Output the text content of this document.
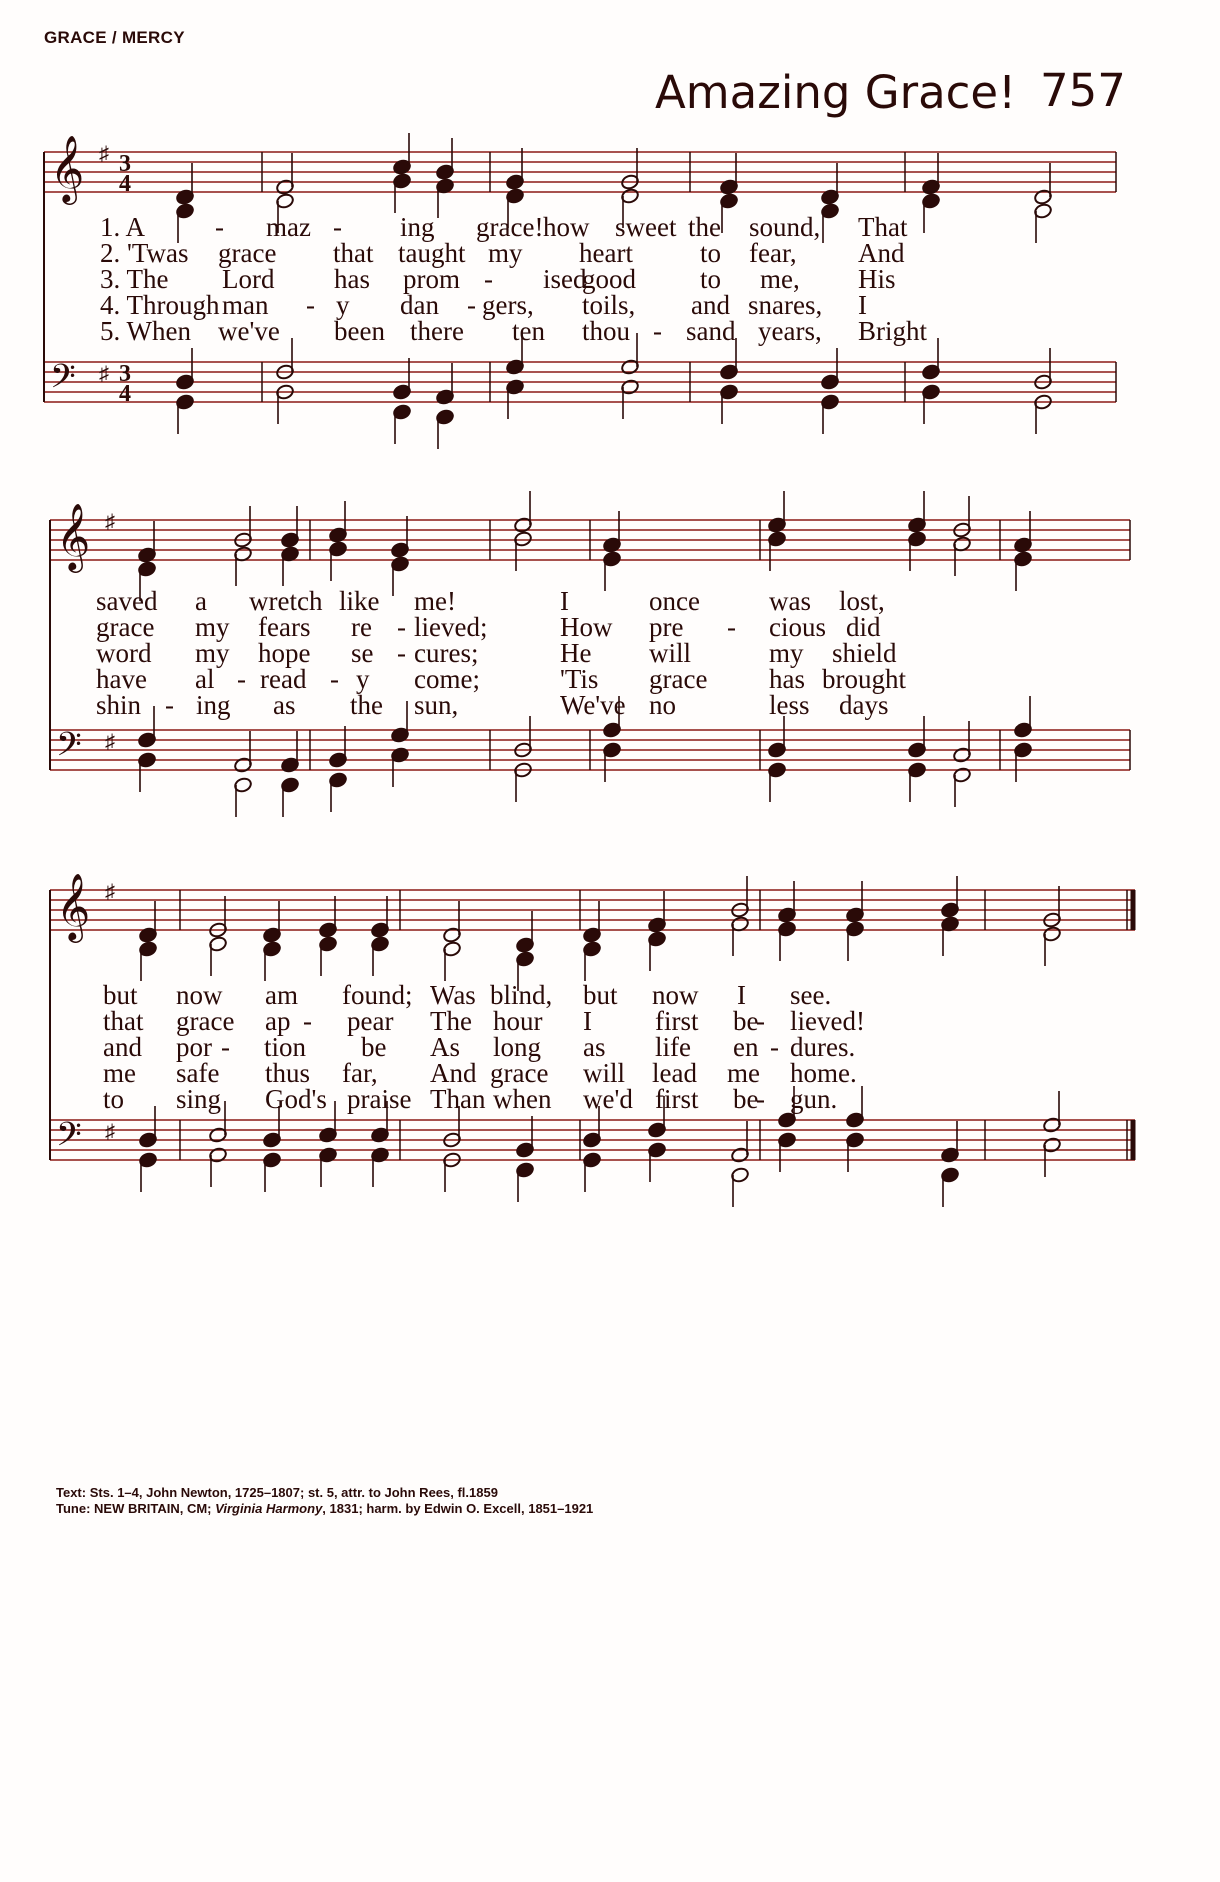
GRACE / MERCY
Amazing Grace! 757
𝄞
𝄢
♯
♯
3
4
3
4
𝄞
𝄢
♯
♯
𝄞
𝄢
♯
♯
1. A	- maz - ing grace! how sweet the sound, That
2. 'Twas grace that taught my heart to fear, And
3. The Lord has prom - ised
good to me, His
4. Through man - y dan - gers, toils, and snares, I
5. When we've been there ten thou - sand years, Bright
saved a wretch like me!	I	once	was lost,
grace my fears re - lieved;	How pre - cious did
word my hope se - cures;	He will	my shield
have al - read - y come;	'Tis grace has brought
shin - ing as the sun,	We've no	less days
but now am found; Was blind, but now I see.
that grace ap - pear The hour I first be
- lieved!
and por - tion be As long as life en - dures.
me safe thus far, And grace will lead me home.
to sing God's praise Than when we'd first be
- gun.
Text: Sts. 1–4, John Newton, 1725–1807; st. 5, attr. to John Rees, fl.1859
Tune: NEW BRITAIN, CM; Virginia Harmony, 1831; harm. by Edwin O. Excell, 1851–1921
